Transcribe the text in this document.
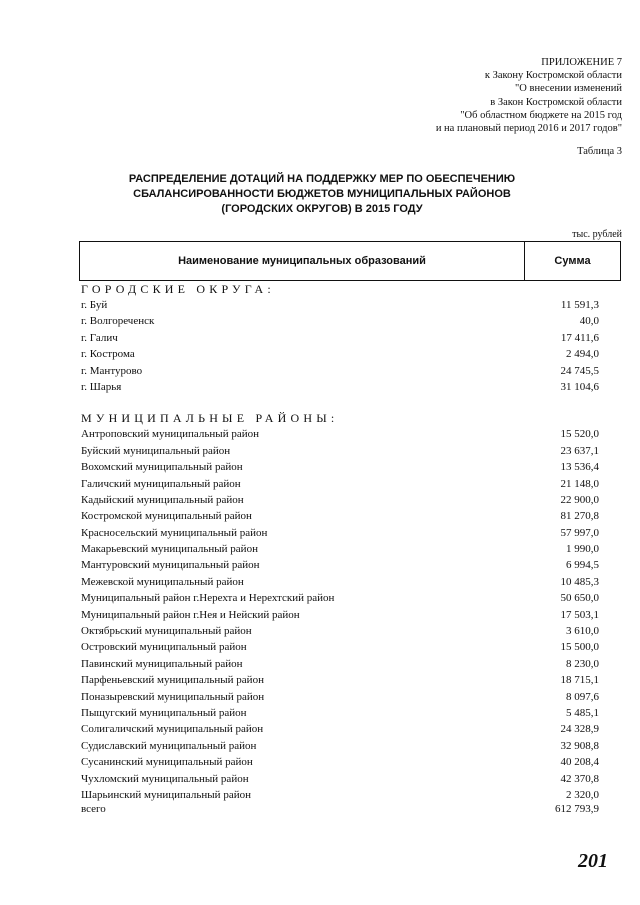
ПРИЛОЖЕНИЕ 7
к Закону Костромской области
"О внесении изменений
в Закон Костромской области
"Об областном бюджете на 2015 год
и на плановый период 2016 и 2017 годов"
Таблица 3
РАСПРЕДЕЛЕНИЕ ДОТАЦИЙ НА ПОДДЕРЖКУ МЕР ПО ОБЕСПЕЧЕНИЮ
СБАЛАНСИРОВАННОСТИ БЮДЖЕТОВ МУНИЦИПАЛЬНЫХ РАЙОНОВ
(ГОРОДСКИХ ОКРУГОВ) В 2015 ГОДУ
тыс. рублей
Наименование муниципальных образований	Сумма
ГОРОДСКИЕ ОКРУГА:
г. Буй	11 591,3
г. Волгореченск	40,0
г. Галич	17 411,6
г. Кострома	2 494,0
г. Мантурово	24 745,5
г. Шарья	31 104,6
МУНИЦИПАЛЬНЫЕ РАЙОНЫ:
Антроповский муниципальный район	15 520,0
Буйский муниципальный район	23 637,1
Вохомский муниципальный район	13 536,4
Галичский муниципальный район	21 148,0
Кадыйский муниципальный район	22 900,0
Костромской муниципальный район	81 270,8
Красносельский муниципальный район	57 997,0
Макарьевский муниципальный район	1 990,0
Мантуровский муниципальный район	6 994,5
Межевской муниципальный район	10 485,3
Муниципальный район г.Нерехта и Нерехтский район	50 650,0
Муниципальный район г.Нея и Нейский район	17 503,1
Октябрьский муниципальный район	3 610,0
Островский муниципальный район	15 500,0
Павинский муниципальный район	8 230,0
Парфеньевский муниципальный район	18 715,1
Поназыревский муниципальный район	8 097,6
Пыщугский муниципальный район	5 485,1
Солигаличский муниципальный район	24 328,9
Судиславский муниципальный район	32 908,8
Сусанинский муниципальный район	40 208,4
Чухломский муниципальный район	42 370,8
Шарьинский муниципальный район	2 320,0
всего	612 793,9
201
